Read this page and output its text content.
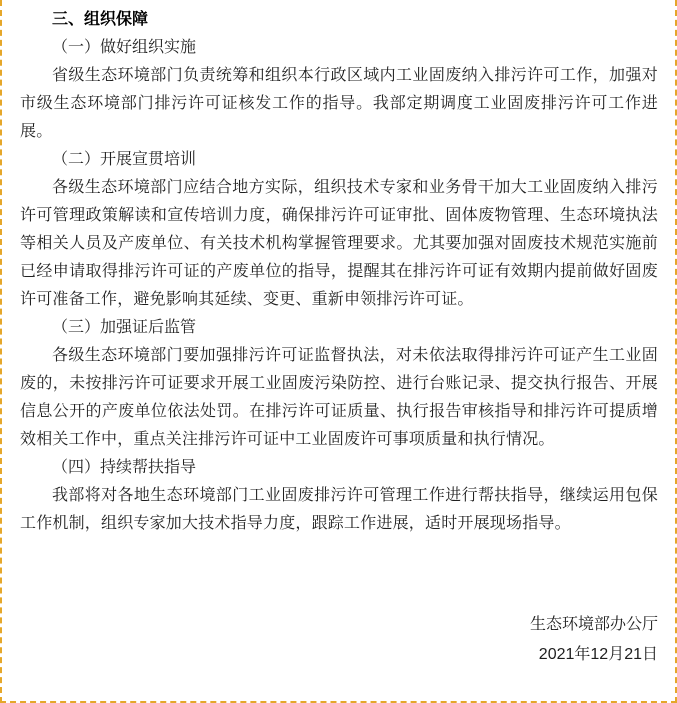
三、组织保障

（一）做好组织实施

省级生态环境部门负责统筹和组织本行政区域内工业固废纳入排污许可工作，加强对市级生态环境部门排污许可证核发工作的指导。我部定期调度工业固废排污许可工作进展。

（二）开展宣贯培训

各级生态环境部门应结合地方实际，组织技术专家和业务骨干加大工业固废纳入排污许可管理政策解读和宣传培训力度，确保排污许可证审批、固体废物管理、生态环境执法等相关人员及产废单位、有关技术机构掌握管理要求。尤其要加强对固废技术规范实施前已经申请取得排污许可证的产废单位的指导，提醒其在排污许可证有效期内提前做好固废许可准备工作，避免影响其延续、变更、重新申领排污许可证。

（三）加强证后监管

各级生态环境部门要加强排污许可证监督执法，对未依法取得排污许可证产生工业固废的，未按排污许可证要求开展工业固废污染防控、进行台账记录、提交执行报告、开展信息公开的产废单位依法处罚。在排污许可证质量、执行报告审核指导和排污许可提质增效相关工作中，重点关注排污许可证中工业固废许可事项质量和执行情况。

（四）持续帮扶指导

我部将对各地生态环境部门工业固废排污许可管理工作进行帮扶指导，继续运用包保工作机制，组织专家加大技术指导力度，跟踪工作进展，适时开展现场指导。

生态环境部办公厅

2021年12月21日
